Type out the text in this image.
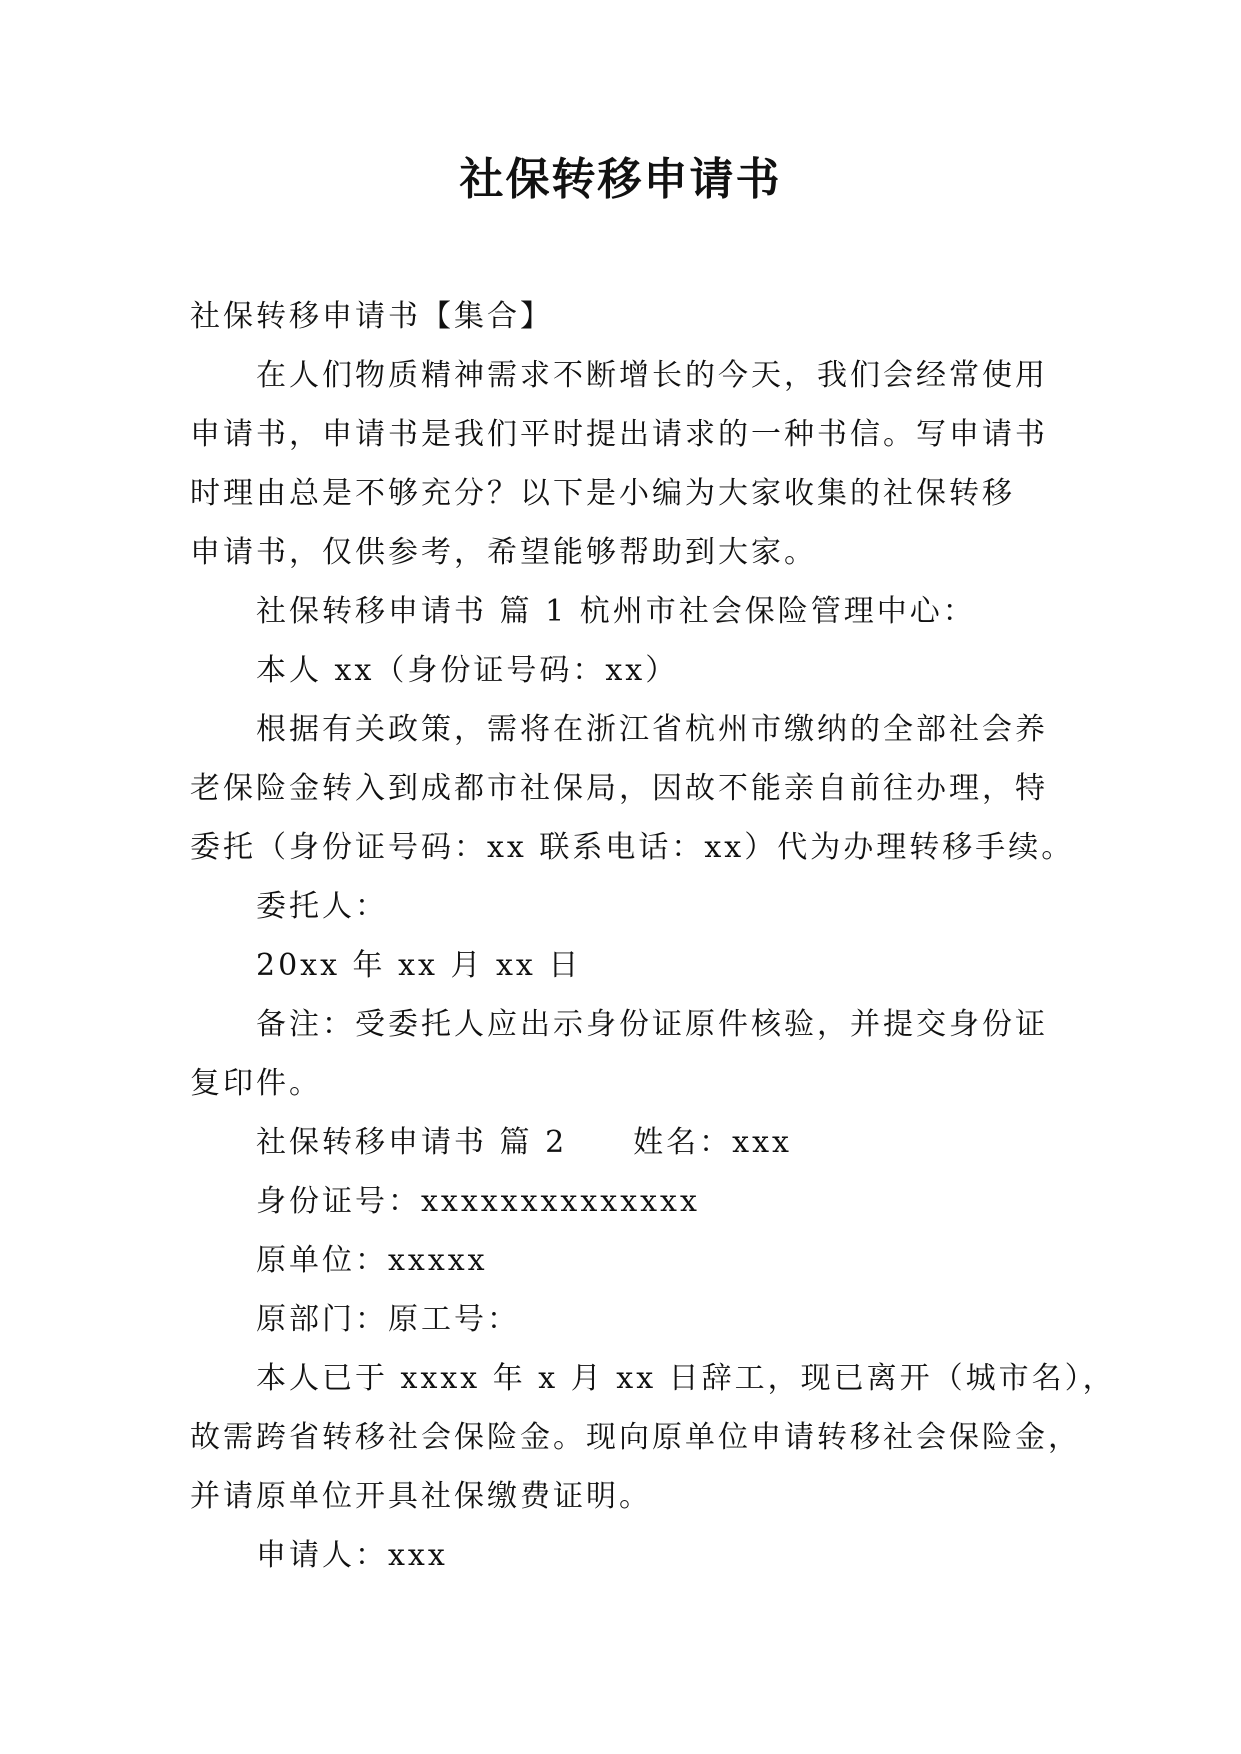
社保转移申请书

社保转移申请书【集合】

在人们物质精神需求不断增长的今天，我们会经常使用

申请书，申请书是我们平时提出请求的一种书信。写申请书

时理由总是不够充分？以下是小编为大家收集的社保转移

申请书，仅供参考，希望能够帮助到大家。

社保转移申请书 篇 1 杭州市社会保险管理中心：

本人 xx（身份证号码：xx）

根据有关政策，需将在浙江省杭州市缴纳的全部社会养

老保险金转入到成都市社保局，因故不能亲自前往办理，特

委托（身份证号码：xx 联系电话：xx）代为办理转移手续。

委托人：

20xx 年 xx 月 xx 日

备注：受委托人应出示身份证原件核验，并提交身份证

复印件。

社保转移申请书 篇 2　　姓名：xxx

身份证号：xxxxxxxxxxxxxx

原单位：xxxxx

原部门：原工号：

本人已于 xxxx 年 x 月 xx 日辞工，现已离开（城市名），

故需跨省转移社会保险金。现向原单位申请转移社会保险金，

并请原单位开具社保缴费证明。

申请人：xxx
